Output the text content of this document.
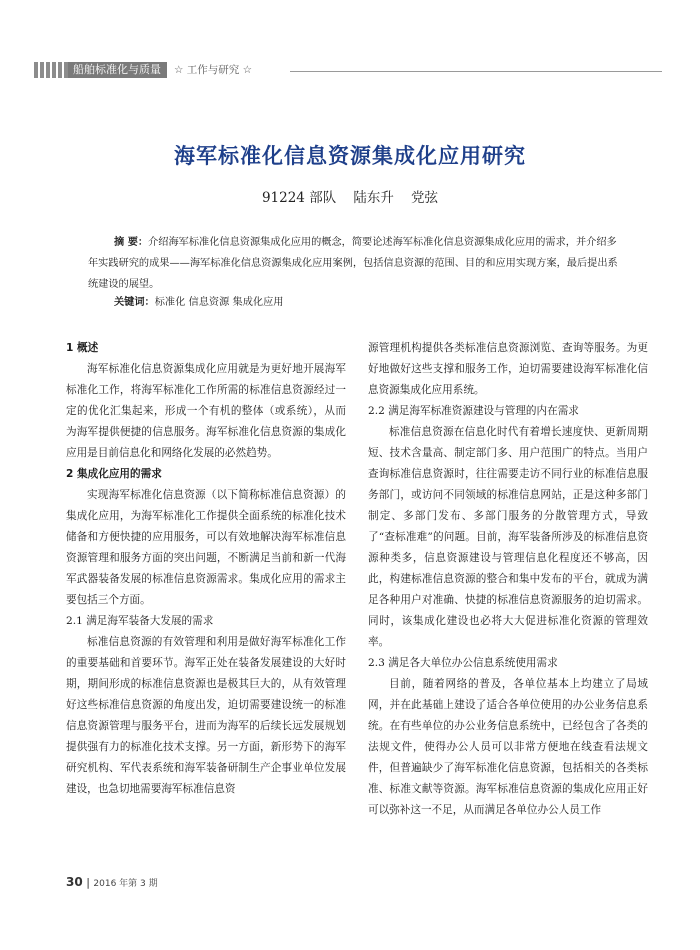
船舶标准化与质量	☆ 工作与研究 ☆
海军标准化信息资源集成化应用研究
91224 部队    陆东升    党弦

摘 要：介绍海军标准化信息资源集成化应用的概念，简要论述海军标准化信息资源集成化应用的需求，并介绍多年实践研究的成果——海军标准化信息资源集成化应用案例，包括信息资源的范围、目的和应用实现方案，最后提出系统建设的展望。

关键词：标准化 信息资源 集成化应用

1 概述

海军标准化信息资源集成化应用就是为更好地开展海军标准化工作，将海军标准化工作所需的标准信息资源经过一定的优化汇集起来，形成一个有机的整体（或系统），从而为海军提供便捷的信息服务。海军标准化信息资源的集成化应用是目前信息化和网络化发展的必然趋势。

2 集成化应用的需求

实现海军标准化信息资源（以下简称标准信息资源）的集成化应用，为海军标准化工作提供全面系统的标准化技术储备和方便快捷的应用服务，可以有效地解决海军标准信息资源管理和服务方面的突出问题，不断满足当前和新一代海军武器装备发展的标准信息资源需求。集成化应用的需求主要包括三个方面。

2.1 满足海军装备大发展的需求

标准信息资源的有效管理和利用是做好海军标准化工作的重要基础和首要环节。海军正处在装备发展建设的大好时期，期间形成的标准信息资源也是极其巨大的，从有效管理好这些标准信息资源的角度出发，迫切需要建设统一的标准信息资源管理与服务平台，进而为海军的后续长远发展规划提供强有力的标准化技术支撑。另一方面，新形势下的海军研究机构、军代表系统和海军装备研制生产企事业单位发展建设，也急切地需要海军标准信息资

源管理机构提供各类标准信息资源浏览、查询等服务。为更好地做好这些支撑和服务工作，迫切需要建设海军标准化信息资源集成化应用系统。

2.2 满足海军标准资源建设与管理的内在需求

标准信息资源在信息化时代有着增长速度快、更新周期短、技术含量高、制定部门多、用户范围广的特点。当用户查询标准信息资源时，往往需要走访不同行业的标准信息服务部门，或访问不同领域的标准信息网站，正是这种多部门制定、多部门发布、多部门服务的分散管理方式，导致了“查标准难”的问题。目前，海军装备所涉及的标准信息资源种类多，信息资源建设与管理信息化程度还不够高，因此，构建标准信息资源的整合和集中发布的平台，就成为满足各种用户对准确、快捷的标准信息资源服务的迫切需求。同时，该集成化建设也必将大大促进标准化资源的管理效率。

2.3 满足各大单位办公信息系统使用需求

目前，随着网络的普及，各单位基本上均建立了局域网，并在此基础上建设了适合各单位使用的办公业务信息系统。在有些单位的办公业务信息系统中，已经包含了各类的法规文件，使得办公人员可以非常方便地在线查看法规文件，但普遍缺少了海军标准化信息资源，包括相关的各类标准、标准文献等资源。海军标准信息资源的集成化应用正好可以弥补这一不足，从而满足各单位办公人员工作

30 | 2016 年第 3 期
